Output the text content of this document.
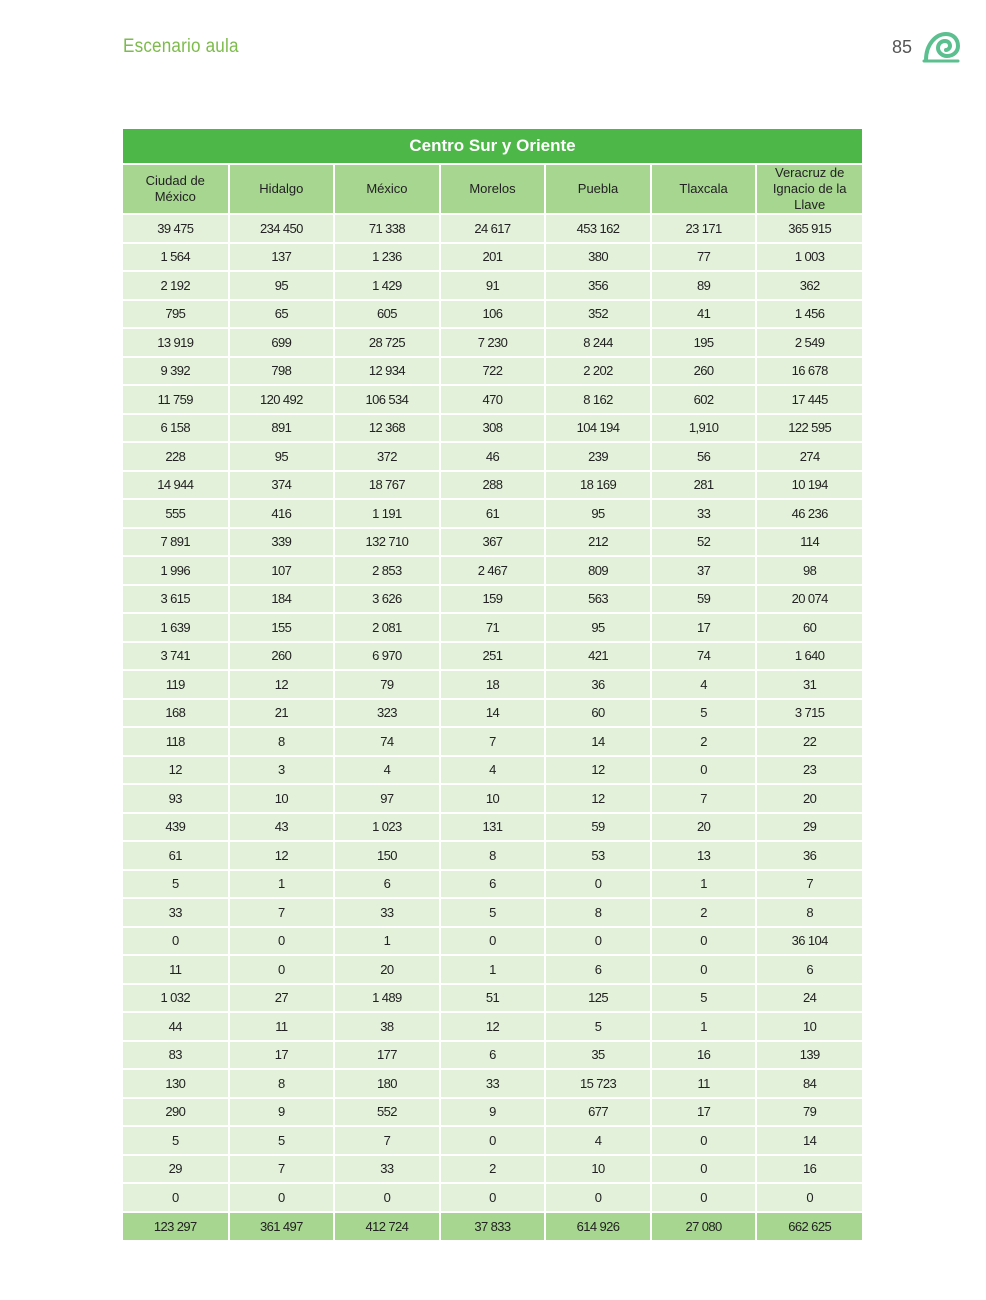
Escenario aula	85
Centro Sur y Oriente						
Ciudad de México	Hidalgo	México	Morelos	Puebla	Tlaxcala	Veracruz de Ignacio de la Llave
39 475	234 450	71 338	24 617	453 162	23 171	365 915
1 564	137	1 236	201	380	77	1 003
2 192	95	1 429	91	356	89	362
795	65	605	106	352	41	1 456
13 919	699	28 725	7 230	8 244	195	2 549
9 392	798	12 934	722	2 202	260	16 678
11 759	120 492	106 534	470	8 162	602	17 445
6 158	891	12 368	308	104 194	1,910	122 595
228	95	372	46	239	56	274
14 944	374	18 767	288	18 169	281	10 194
555	416	1 191	61	95	33	46 236
7 891	339	132 710	367	212	52	114
1 996	107	2 853	2 467	809	37	98
3 615	184	3 626	159	563	59	20 074
1 639	155	2 081	71	95	17	60
3 741	260	6 970	251	421	74	1 640
119	12	79	18	36	4	31
168	21	323	14	60	5	3 715
118	8	74	7	14	2	22
12	3	4	4	12	0	23
93	10	97	10	12	7	20
439	43	1 023	131	59	20	29
61	12	150	8	53	13	36
5	1	6	6	0	1	7
33	7	33	5	8	2	8
0	0	1	0	0	0	36 104
11	0	20	1	6	0	6
1 032	27	1 489	51	125	5	24
44	11	38	12	5	1	10
83	17	177	6	35	16	139
130	8	180	33	15 723	11	84
290	9	552	9	677	17	79
5	5	7	0	4	0	14
29	7	33	2	10	0	16
0	0	0	0	0	0	0
123 297	361 497	412 724	37 833	614 926	27 080	662 625
